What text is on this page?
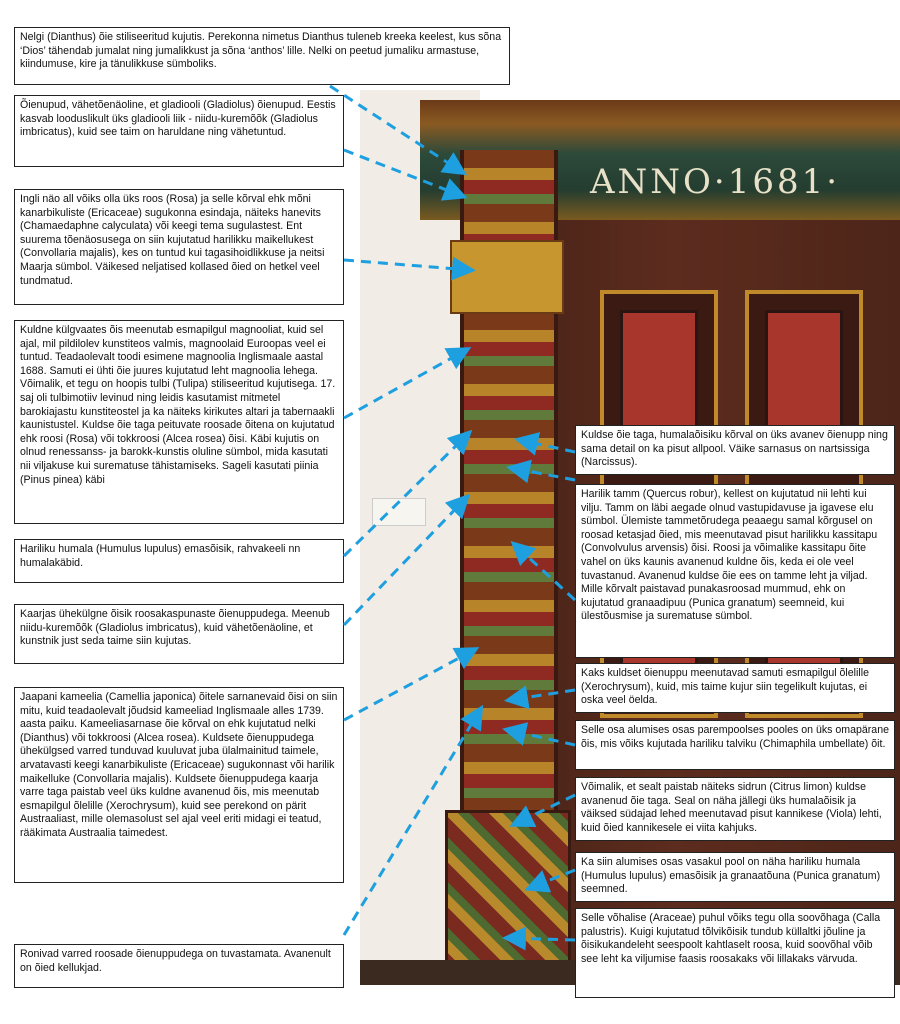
ANNO·1681·
Nelgi (Dianthus) õie stiliseeritud kujutis. Perekonna nimetus Dianthus tuleneb kreeka keelest, kus sõna ‘Dios’ tähendab jumalat ning jumalikkust ja sõna ‘anthos’ lille. Nelki on peetud jumaliku armastuse, kiindumuse, kire ja tänulikkuse sümboliks.
Õienupud, vähetõenäoline, et gladiooli (Gladiolus) õienupud. Eestis kasvab looduslikult üks gladiooli liik - niidu-kuremõõk (Gladiolus imbricatus), kuid see taim on haruldane ning vähetuntud.
Ingli näo all võiks olla üks roos (Rosa) ja selle kõrval ehk mõni kanarbikuliste (Ericaceae) sugukonna esindaja, näiteks hanevits (Chamaedaphne calyculata) või keegi tema sugulastest. Ent suurema tõenäosusega on siin kujutatud harilikku maikellukest (Convollaria majalis), kes on tuntud kui tagasihoidlikkuse ja neitsi Maarja sümbol. Väikesed neljatised kollased õied on hetkel veel tundmatud.
Kuldne külgvaates õis meenutab esmapilgul magnooliat, kuid sel ajal, mil pildilolev kunstiteos valmis, magnoolaid Euroopas veel ei tuntud. Teadaolevalt toodi esimene magnoolia Inglismaale aastal 1688. Samuti ei ühti õie juures kujutatud leht magnoolia lehega. Võimalik, et tegu on hoopis tulbi (Tulipa) stiliseeritud kujutisega. 17. saj oli tulbimotiiv levinud ning leidis kasutamist mitmetel barokiajastu kunstiteostel ja ka näiteks kirikutes altari ja tabernaakli kaunistustel. Kuldse õie taga peituvate roosade õitena on kujutatud ehk roosi (Rosa) või tokkroosi (Alcea rosea) õisi. Käbi kujutis on olnud renessanss- ja barokk-kunstis oluline sümbol, mida kasutati nii viljakuse kui surematuse tähistamiseks. Sageli kasutati piinia (Pinus pinea) käbi
Hariliku humala (Humulus lupulus) emasõisik, rahvakeeli nn humalakäbid.
Kaarjas ühekülgne õisik roosakaspunaste õienuppudega. Meenub niidu-kuremõõk (Gladiolus imbricatus), kuid vähetõenäoline, et kunstnik just seda taime siin kujutas.
Jaapani kameelia (Camellia japonica) õitele sarnanevaid õisi on siin mitu, kuid teadaolevalt jõudsid kameeliad Inglismaale alles 1739. aasta paiku. Kameeliasarnase õie kõrval on ehk kujutatud nelki (Dianthus) või tokkroosi (Alcea rosea). Kuldsete õienuppudega ühekülgsed varred tunduvad kuuluvat juba ülalmainitud taimele, arvatavasti keegi kanarbikuliste (Ericaceae) sugukonnast või harilik maikelluke (Convollaria majalis). Kuldsete õienuppudega kaarja varre taga paistab veel üks kuldne avanenud õis, mis meenutab esmapilgul õlelille (Xerochrysum), kuid see perekond on pärit Austraaliast, mille olemasolust sel ajal veel eriti midagi ei teatud, rääkimata Austraalia taimedest.
Ronivad varred roosade õienuppudega on tuvastamata. Avanenult on õied kellukjad.
Kuldse õie taga, humalaõisiku kõrval on üks avanev õienupp ning sama detail on ka pisut allpool. Väike sarnasus on nartsissiga (Narcissus).
Harilik tamm (Quercus robur), kellest on kujutatud nii lehti kui vilju. Tamm on läbi aegade olnud vastupidavuse ja igavese elu sümbol. Ülemiste tammetõrudega peaaegu samal kõrgusel on roosad ketasjad õied, mis meenutavad pisut harilikku kassitapu (Convolvulus arvensis) õisi. Roosi ja võimalike kassitapu õite vahel on üks kaunis avanenud kuldne õis, keda ei ole veel tuvastanud. Avanenud kuldse õie ees on tamme leht ja viljad. Mille kõrvalt paistavad punakasroosad mummud, ehk on kujutatud granaadipuu (Punica granatum) seemneid, kui ülestõusmise ja surematuse sümbol.
Kaks kuldset õienuppu meenutavad samuti esmapilgul õlelille (Xerochrysum), kuid, mis taime kujur siin tegelikult kujutas, ei oska veel öelda.
Selle osa alumises osas parempoolses pooles on üks omapärane õis, mis võiks kujutada hariliku talviku (Chimaphila umbellate) õit.
Võimalik, et sealt paistab näiteks sidrun (Citrus limon) kuldse avanenud õie taga. Seal on näha jällegi üks humalaõisik ja väiksed südajad lehed meenutavad pisut kannikese (Viola) lehti, kuid õied kannikesele ei viita kahjuks.
Ka siin alumises osas vasakul pool on näha hariliku humala (Humulus lupulus) emasõisik ja granaatõuna (Punica granatum) seemned.
Selle võhalise (Araceae) puhul võiks tegu olla soovõhaga (Calla palustris). Kuigi kujutatud tõlvikõisik tundub küllaltki jõuline ja õisikukandeleht seespoolt kahtlaselt roosa, kuid soovõhal võib see leht ka viljumise faasis roosakaks või lillakaks värvuda.
